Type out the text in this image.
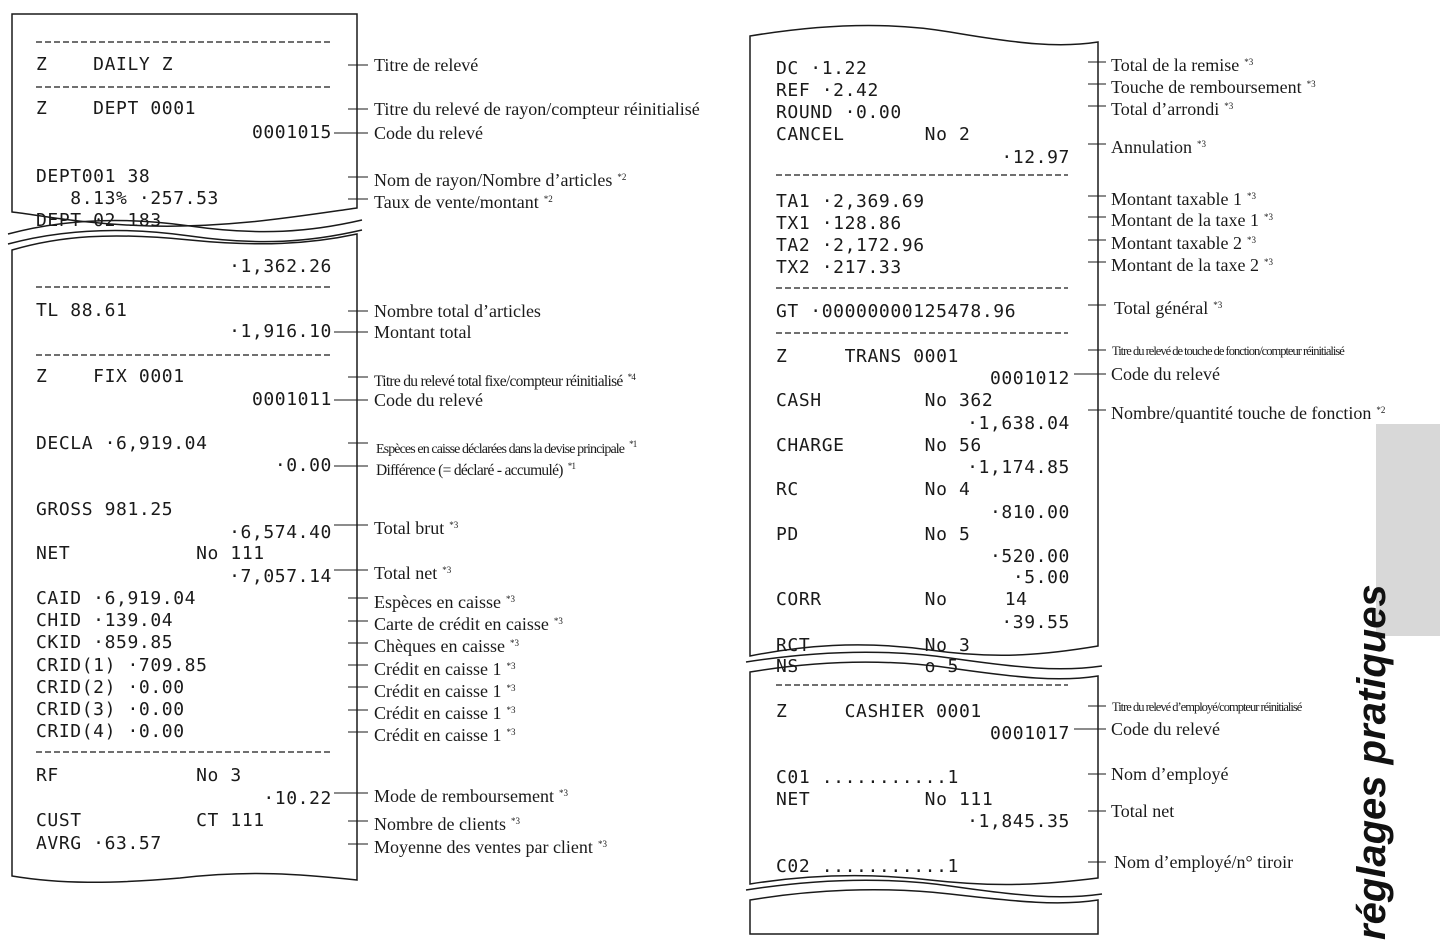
Z    DAILY Z
Z    DEPT 0001
0001015
DEPT001 38
8.13% ·257.53
DEPT 02 183
·1,362.26
TL 88.61
·1,916.10
Z    FIX 0001
0001011
DECLA ·6,919.04
·0.00
GROSS 981.25
·6,574.40
NET           No 111
·7,057.14
CAID ·6,919.04
CHID ·139.04
CKID ·859.85
CRID(1) ·709.85
CRID(2) ·0.00
CRID(3) ·0.00
CRID(4) ·0.00
RF            No 3
·10.22
CUST          CT 111
AVRG ·63.57
Titre de relevé
Titre du relevé de rayon/compteur réinitialisé
Code du relevé
Nom de rayon/Nombre d’articles $^{*2}$
Taux de vente/montant $^{*2}$
Nombre total d’articles
Montant total
Titre du relevé total fixe/compteur réinitialisé $^{*4}$
Code du relevé
Espèces en caisse déclarées dans la devise principale $^{*1}$
Différence (= déclaré - accumulé) $^{*1}$
Total brut $^{*3}$
Total net $^{*3}$
Espèces en caisse $^{*3}$
Carte de crédit en caisse $^{*3}$
Chèques en caisse $^{*3}$
Crédit en caisse 1 $^{*3}$
Crédit en caisse 1 $^{*3}$
Crédit en caisse 1 $^{*3}$
Crédit en caisse 1 $^{*3}$
Mode de remboursement $^{*3}$
Nombre de clients $^{*3}$
Moyenne des ventes par client $^{*3}$
DC ·1.22
REF ·2.42
ROUND ·0.00
CANCEL       No 2
·12.97
TA1 ·2,369.69
TX1 ·128.86
TA2 ·2,172.96
TX2 ·217.33
GT ·00000000125478.96
Z     TRANS 0001
0001012
CASH         No 362
·1,638.04
CHARGE       No 56
·1,174.85
RC           No 4
·810.00
PD           No 5
·520.00
·5.00
CORR         No     14
·39.55
RCT          No 3
NS           o 5
Z     CASHIER 0001
0001017
C01 ...........1
NET          No 111
·1,845.35
C02 ...........1
Total de la remise $^{*3}$
Touche de remboursement $^{*3}$
Total d’arrondi $^{*3}$
Annulation $^{*3}$
Montant taxable 1 $^{*3}$
Montant de la taxe 1 $^{*3}$
Montant taxable 2 $^{*3}$
Montant de la taxe 2 $^{*3}$
Total général $^{*3}$
Titre du relevé de touche de fonction/compteur réinitialisé
Code du relevé
Nombre/quantité touche de fonction $^{*2}$
Titre du relevé d’employé/compteur réinitialisé
Code du relevé
Nom d’employé
Total net
Nom d’employé/n° tiroir réglages pratiques
